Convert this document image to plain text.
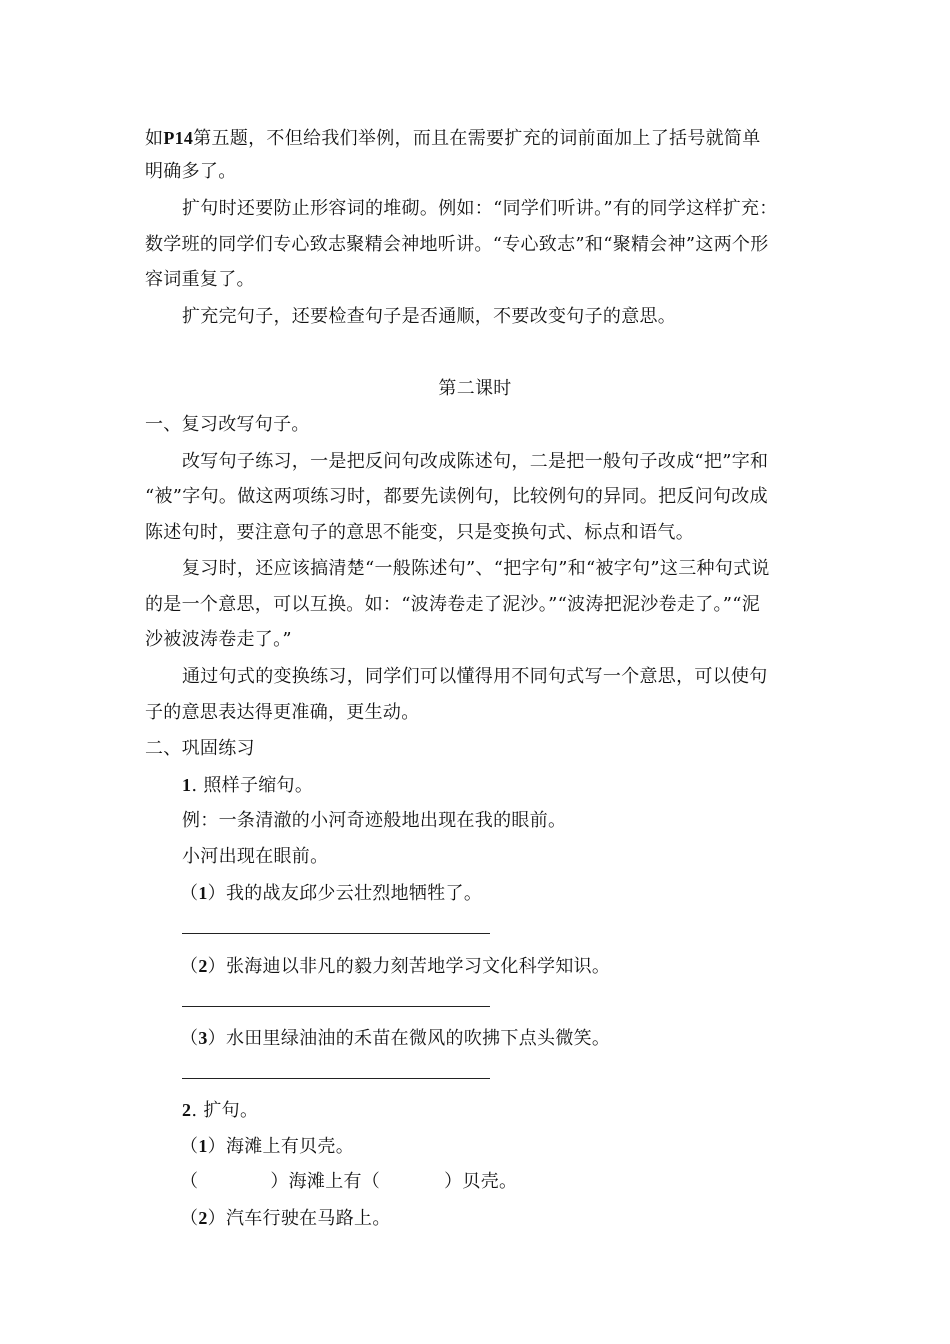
如P14第五题，不但给我们举例，而且在需要扩充的词前面加上了括号就简单
明确多了。
扩句时还要防止形容词的堆砌。例如：“同学们听讲。”有的同学这样扩充：
数学班的同学们专心致志聚精会神地听讲。“专心致志”和“聚精会神”这两个形
容词重复了。
扩充完句子，还要检查句子是否通顺，不要改变句子的意思。
第二课时
一、复习改写句子。
改写句子练习，一是把反问句改成陈述句，二是把一般句子改成“把”字和
“被”字句。做这两项练习时，都要先读例句，比较例句的异同。把反问句改成
陈述句时，要注意句子的意思不能变，只是变换句式、标点和语气。
复习时，还应该搞清楚“一般陈述句”、“把字句”和“被字句”这三种句式说
的是一个意思，可以互换。如：“波涛卷走了泥沙。”“波涛把泥沙卷走了。”“泥
沙被波涛卷走了。”
通过句式的变换练习，同学们可以懂得用不同句式写一个意思，可以使句
子的意思表达得更准确，更生动。
二、巩固练习
1. 照样子缩句。
例：一条清澈的小河奇迹般地出现在我的眼前。
小河出现在眼前。
（1）我的战友邱少云壮烈地牺牲了。
（2）张海迪以非凡的毅力刻苦地学习文化科学知识。
（3）水田里绿油油的禾苗在微风的吹拂下点头微笑。
2. 扩句。
（1）海滩上有贝壳。
（	）海滩上有（	）贝壳。
（2）汽车行驶在马路上。
